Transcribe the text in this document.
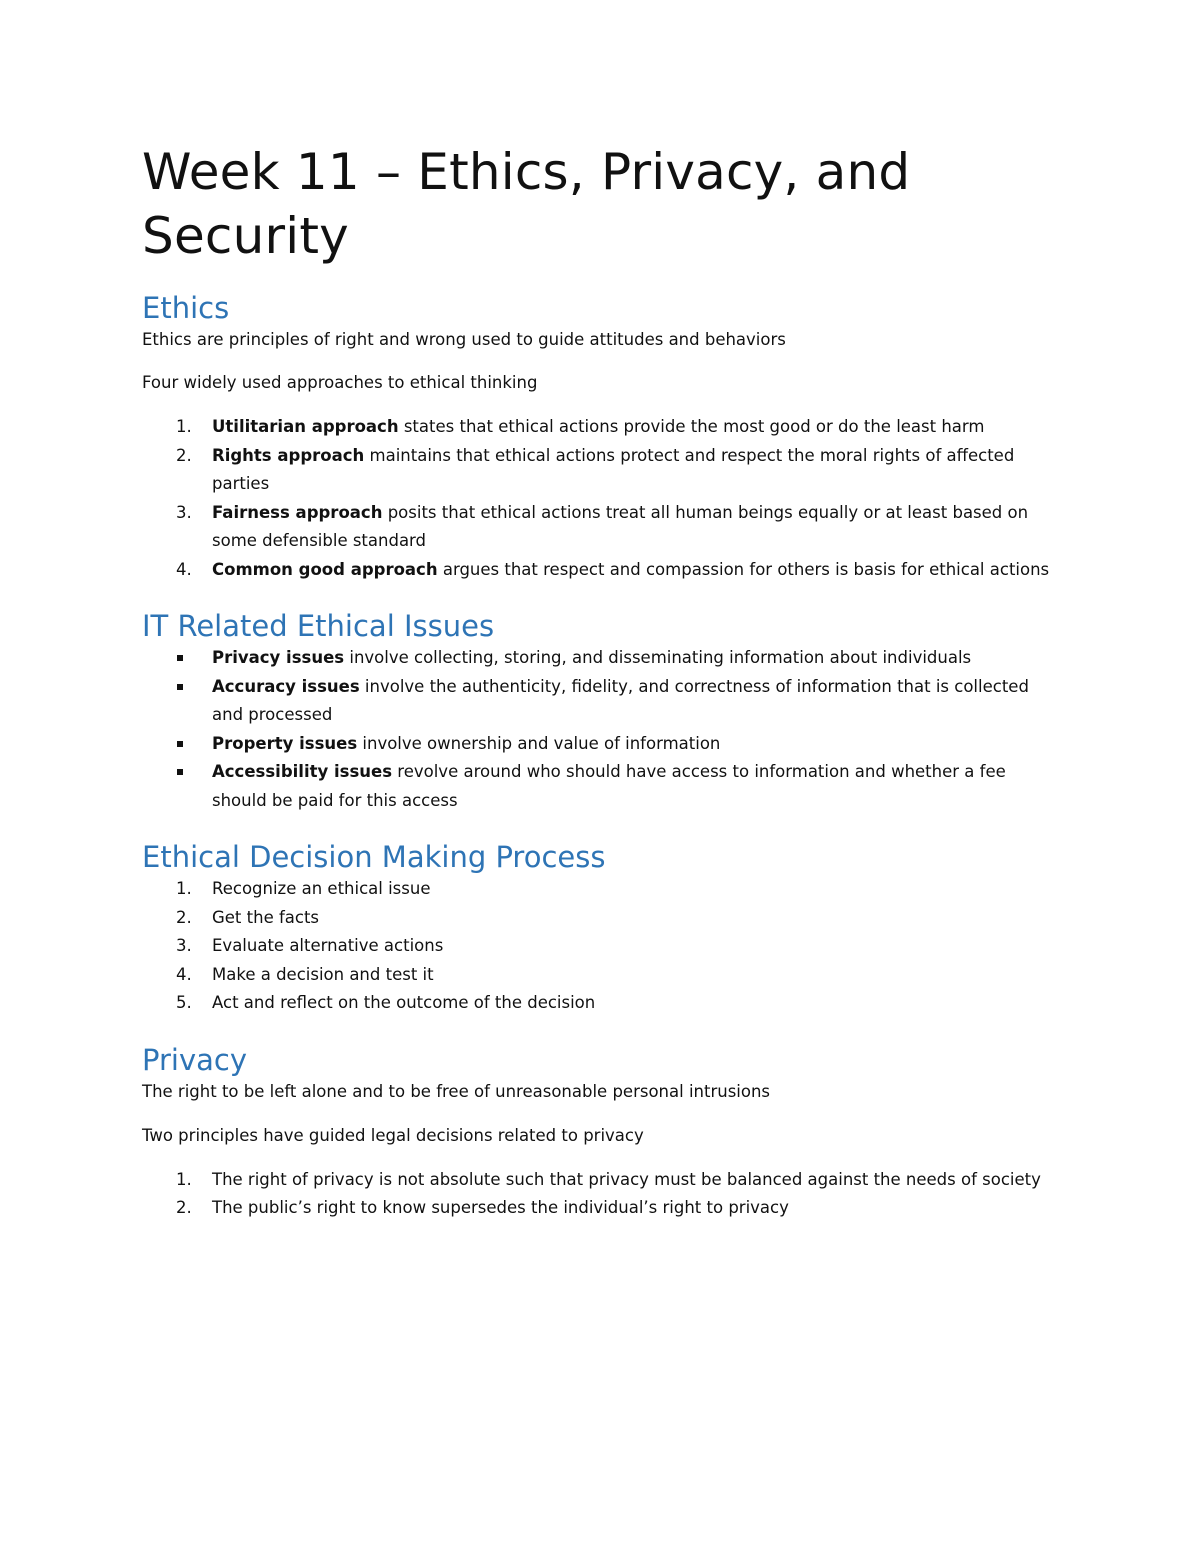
Week 11 – Ethics, Privacy, and Security
Ethics

Ethics are principles of right and wrong used to guide attitudes and behaviors

Four widely used approaches to ethical thinking

1.	Utilitarian approach states that ethical actions provide the most good or do the least harm
2.	Rights approach maintains that ethical actions protect and respect the moral rights of affected parties
3.	Fairness approach posits that ethical actions treat all human beings equally or at least based on some defensible standard
4.	Common good approach argues that respect and compassion for others is basis for ethical actions
IT Related Ethical Issues
Privacy issues involve collecting, storing, and disseminating information about individuals
Accuracy issues involve the authenticity, fidelity, and correctness of information that is collected and processed
Property issues involve ownership and value of information
Accessibility issues revolve around who should have access to information and whether a fee should be paid for this access
Ethical Decision Making Process
1.	Recognize an ethical issue
2.	Get the facts
3.	Evaluate alternative actions
4.	Make a decision and test it
5.	Act and reflect on the outcome of the decision
Privacy

The right to be left alone and to be free of unreasonable personal intrusions

Two principles have guided legal decisions related to privacy

1.	The right of privacy is not absolute such that privacy must be balanced against the needs of society
2.	The public’s right to know supersedes the individual’s right to privacy
